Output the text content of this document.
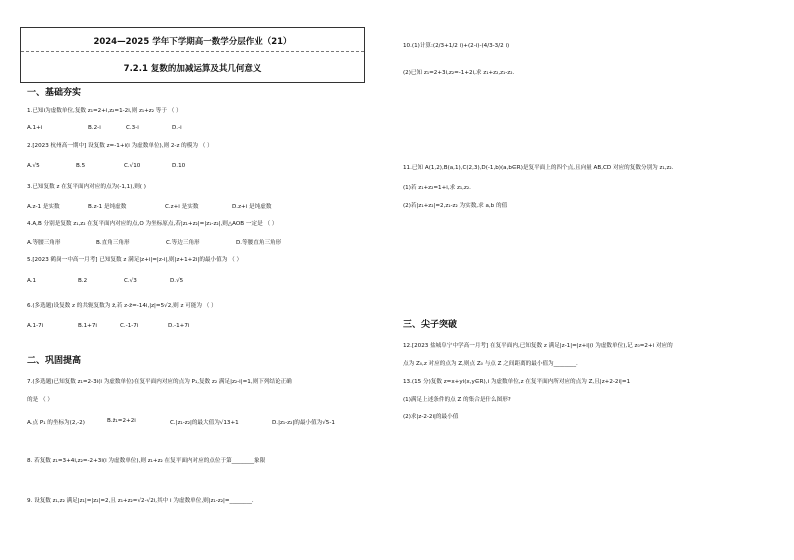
2024—2025 学年下学期高一数学分层作业（21）
7.2.1 复数的加减运算及其几何意义
一、基础夯实
1.已知i为虚数单位,复数 z₁=2+i,z₂=1-2i,则 z₁+z₂ 等于 （ ）
A.1+i	B.2-i	C.3-i	D.-i
2.[2023 杭州高一期中] 设复数 z=-1+i(i 为虚数单位),则 2-z 的模为 （ ）
A.√5	B.5	C.√10	D.10
3.已知复数 z 在复平面内对应的点为(-1,1),则( )
A.z-1 是实数	B.z-1 是纯虚数	C.z+i 是实数	D.z+i 是纯虚数
4.A,B 分别是复数 z₁,z₂ 在复平面内对应的点,O 为坐标原点,若|z₁+z₂|=|z₁-z₂|,则△AOB 一定是 （ ）
A.等腰三角形	B.直角三角形	C.等边三角形	D.等腰直角三角形
5.[2023 鹤岗一中高一月考] 已知复数 z 满足|z+i|=|z-i|,则|z+1+2i|的最小值为 （ ）
A.1	B.2	C.√3	D.√5
6.(多选题)设复数 z 的共轭复数为 z̄,若 z-z̄=-14i,|z|=5√2,则 z 可能为 （ ）
A.1-7i	B.1+7i	C.-1-7i	D.-1+7i
二、巩固提高
7.(多选题)已知复数 z₁=2-3i(i 为虚数单位)在复平面内对应的点为 P₁,复数 z₂ 满足|z₂-i|=1,则下列结论正确
的是 （ ）
A.点 P₁ 的坐标为(2,-2)	B.z̄₁=2+2i	C.|z₁-z₂|的最大值为√13+1	D.|z₁-z₂|的最小值为√5-1
8. 若复数 z₁=3+4i,z₂=-2+3i(i 为虚数单位),则 z₁+z₂ 在复平面内对应的点位于第________象限
9. 设复数 z₁,z₂ 满足|z₁|=|z₂|=2,且 z₁+z₂=√2-√2i,其中 i 为虚数单位,则|z₁-z₂|=________.
10.(1)计算:(2/3+1/2 i)+(2-i)-(4/3-3/2 i)
(2)已知 z₁=2+3i,z₂=-1+2i,求 z₁+z₂,z₁-z₂.
11.已知 A(1,2),B(a,1),C(2,3),D(-1,b)(a,b∈R)是复平面上的四个点,且向量 AB,CD 对应的复数分别为 z₁,z₂.
(1)若 z₁+z₂=1+i,求 z₁,z₂.
(2)若|z₁+z₂|=2,z₁-z₂ 为实数,求 a,b 的值
三、尖子突破
12.[2023 盐城阜宁中学高一月考] 在复平面内,已知复数 z 满足|z-1|=|z+i|(i 为虚数单位),记 z₀=2+i 对应的
点为 Z₀,z 对应的点为 Z,则点 Z₀ 与点 Z 之间距离的最小值为________.
13.(15 分)复数 z=x+yi(x,y∈R),i 为虚数单位,z 在复平面内所对应的点为 Z,且|z+2-2i|=1
(1)满足上述条件的点 Z 的集合是什么图形?
(2)求|z-2-2i|的最小值
